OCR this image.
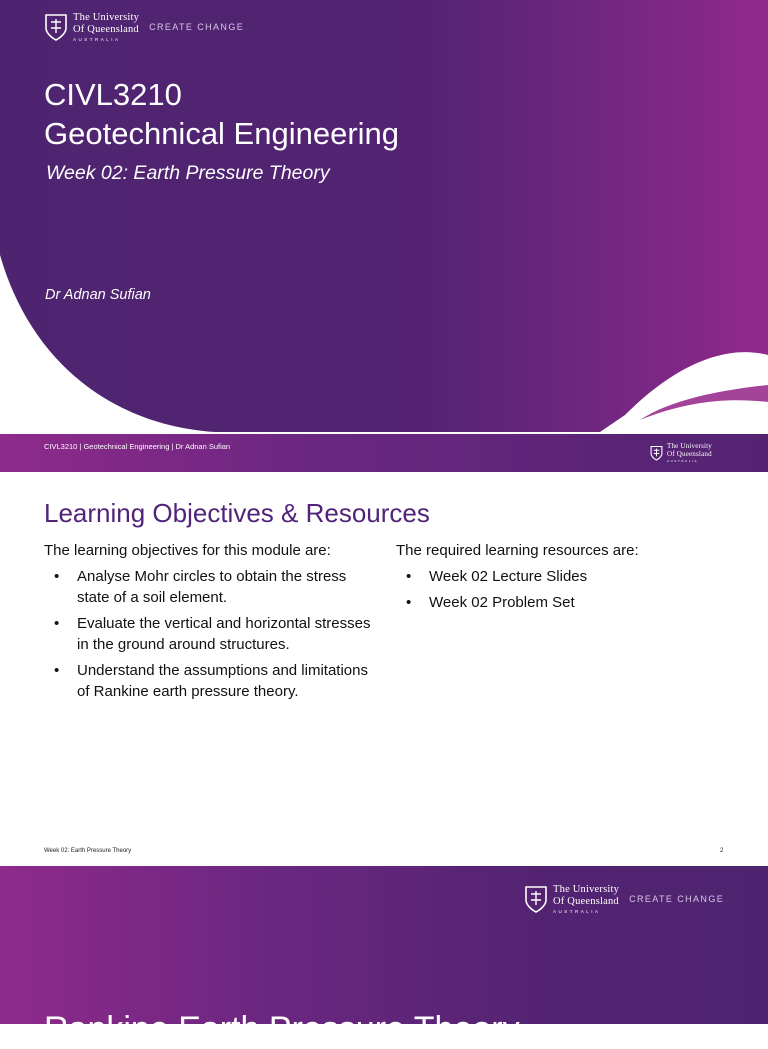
The University
Of Queensland
AUSTRALIA
CREATE CHANGE
CIVL3210
Geotechnical Engineering
Week 02: Earth Pressure Theory
Dr Adnan Sufian
CIVL3210 | Geotechnical Engineering | Dr Adnan Sufian	The University
Of Queensland
AUSTRALIA
Learning Objectives & Resources
The learning objectives for this module are:
• Analyse Mohr circles to obtain the stress state of a soil element.
• Evaluate the vertical and horizontal stresses in the ground around structures.
• Understand the assumptions and limitations of Rankine earth pressure theory.
The required learning resources are:
• Week 02 Lecture Slides
• Week 02 Problem Set
Week 02: Earth Pressure Theory	2
The University
Of Queensland
AUSTRALIA
CREATE CHANGE
Rankine Earth Pressure Theory
